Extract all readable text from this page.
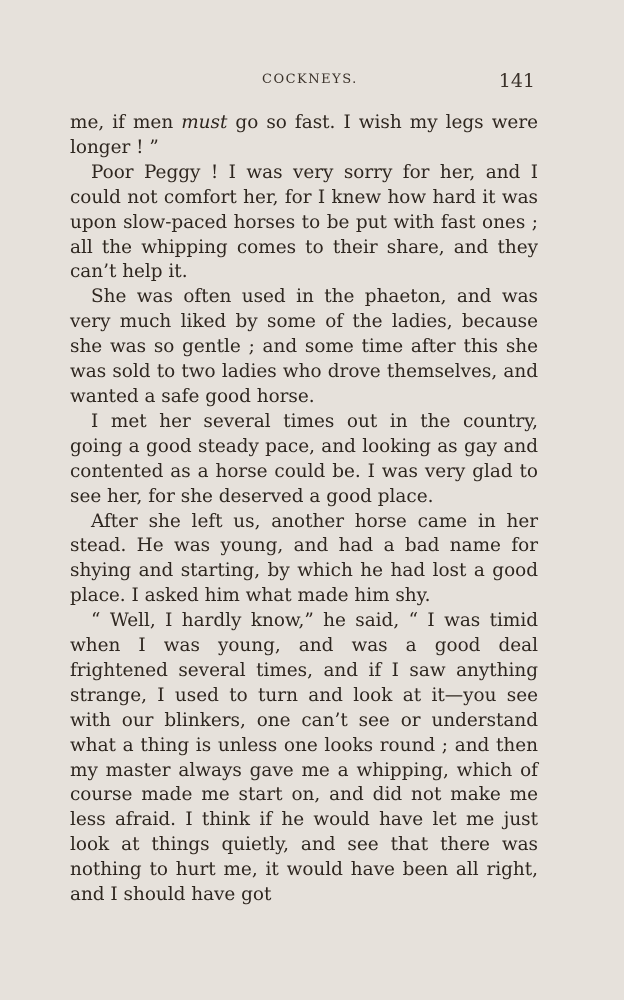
COCKNEYS.	141

me, if men must go so fast. I wish my legs were longer ! ”

Poor Peggy ! I was very sorry for her, and I could not comfort her, for I knew how hard it was upon slow-paced horses to be put with fast ones ; all the whipping comes to their share, and they can’t help it.

She was often used in the phaeton, and was very much liked by some of the ladies, because she was so gentle ; and some time after this she was sold to two ladies who drove themselves, and wanted a safe good horse.

I met her several times out in the country, going a good steady pace, and looking as gay and contented as a horse could be. I was very glad to see her, for she deserved a good place.

After she left us, another horse came in her stead. He was young, and had a bad name for shying and starting, by which he had lost a good place. I asked him what made him shy.

“ Well, I hardly know,” he said, “ I was timid when I was young, and was a good deal frightened several times, and if I saw anything strange, I used to turn and look at it—you see with our blinkers, one can’t see or understand what a thing is unless one looks round ; and then my master always gave me a whipping, which of course made me start on, and did not make me less afraid. I think if he would have let me just look at things quietly, and see that there was nothing to hurt me, it would have been all right, and I should have got
